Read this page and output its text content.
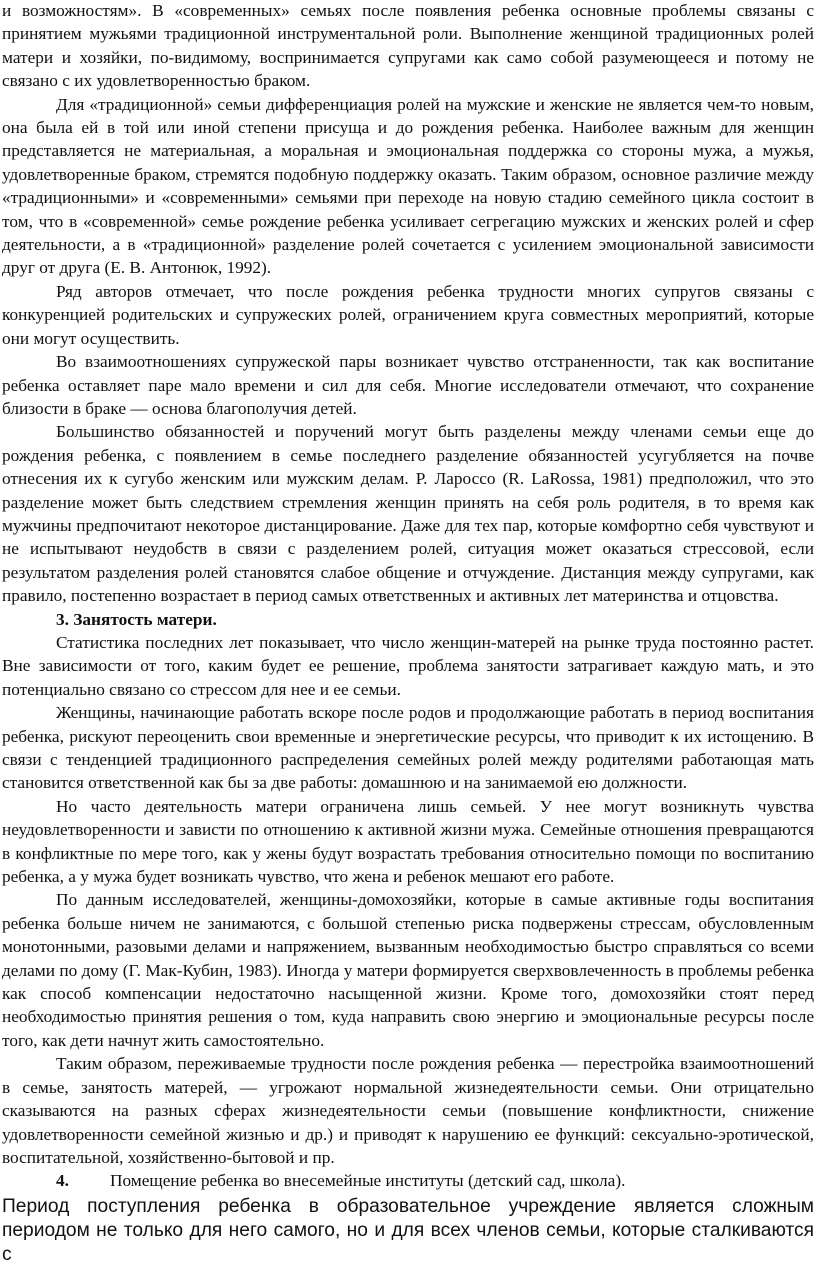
и возможностям». В «современных» семьях после появления ребенка основные проблемы связаны с принятием мужьями традиционной инструментальной роли. Выполнение женщиной традиционных ролей матери и хозяйки, по-видимому, воспринимается супругами как само собой разумеющееся и потому не связано с их удовлетворенностью браком.

Для «традиционной» семьи дифференциация ролей на мужские и женские не является чем-то новым, она была ей в той или иной степени присуща и до рождения ребенка. Наиболее важным для женщин представляется не материальная, а моральная и эмоциональная поддержка со стороны мужа, а мужья, удовлетворенные браком, стремятся подобную поддержку оказать. Таким образом, основное различие между «традиционными» и «современными» семьями при переходе на новую стадию семейного цикла состоит в том, что в «современной» семье рождение ребенка усиливает сегрегацию мужских и женских ролей и сфер деятельности, а в «традиционной» разделение ролей сочетается с усилением эмоциональной зависимости друг от друга (Е. В. Антонюк, 1992).

Ряд авторов отмечает, что после рождения ребенка трудности многих супругов связаны с конкуренцией родительских и супружеских ролей, ограничением круга совместных мероприятий, которые они могут осуществить.

Во взаимоотношениях супружеской пары возникает чувство отстраненности, так как воспитание ребенка оставляет паре мало времени и сил для себя. Многие исследователи отмечают, что сохранение близости в браке — основа благополучия детей.

Большинство обязанностей и поручений могут быть разделены между членами семьи еще до рождения ребенка, с появлением в семье последнего разделение обязанностей усугубляется на почве отнесения их к сугубо женским или мужским делам. Р. Лаpоссо (R. LaRossa, 1981) предположил, что это разделение может быть следствием стремления женщин принять на себя роль родителя, в то время как мужчины предпочитают некоторое дистанцирование. Даже для тех пар, которые комфортно себя чувствуют и не испытывают неудобств в связи с разделением ролей, ситуация может оказаться стрессовой, если результатом разделения ролей становятся слабое общение и отчуждение. Дистанция между супругами, как правило, постепенно возрастает в период самых ответственных и активных лет материнства и отцовства.

3. Занятость матери.

Статистика последних лет показывает, что число женщин-матерей на рынке труда постоянно растет. Вне зависимости от того, каким будет ее решение, проблема занятости затрагивает каждую мать, и это потенциально связано со стрессом для нее и ее семьи.

Женщины, начинающие работать вскоре после родов и продолжающие работать в период воспитания ребенка, рискуют переоценить свои временные и энергетические ресурсы, что приводит к их истощению. В связи с тенденцией традиционного распределения семейных ролей между родителями работающая мать становится ответственной как бы за две работы: домашнюю и на занимаемой ею должности.

Но часто деятельность матери ограничена лишь семьей. У нее могут возникнуть чувства неудовлетворенности и зависти по отношению к активной жизни мужа. Семейные отношения превращаются в конфликтные по мере того, как у жены будут возрастать требования относительно помощи по воспитанию ребенка, а у мужа будет возникать чувство, что жена и ребенок мешают его работе.

По данным исследователей, женщины-домохозяйки, которые в самые активные годы воспитания ребенка больше ничем не занимаются, с большой степенью риска подвержены стрессам, обусловленным монотонными, разовыми делами и напряжением, вызванным необходимостью быстро справляться со всеми делами по дому (Г. Мак-Кубин, 1983). Иногда у матери формируется сверхвовлеченность в проблемы ребенка как способ компенсации недостаточно насыщенной жизни. Кроме того, домохозяйки стоят перед необходимостью принятия решения о том, куда направить свою энергию и эмоциональные ресурсы после того, как дети начнут жить самостоятельно.

Таким образом, переживаемые трудности после рождения ребенка — перестройка взаимоотношений в семье, занятость матерей, — угрожают нормальной жизнедеятельности семьи. Они отрицательно сказываются на разных сферах жизнедеятельности семьи (повышение конфликтности, снижение удовлетворенности семейной жизнью и др.) и приводят к нарушению ее функций: сексуально-эротической, воспитательной, хозяйственно-бытовой и пр.

4. Помещение ребенка во внесемейные институты (детский сад, школа).

Период поступления ребенка в образовательное учреждение является сложным периодом не только для него самого, но и для всех членов семьи, которые сталкиваются с
